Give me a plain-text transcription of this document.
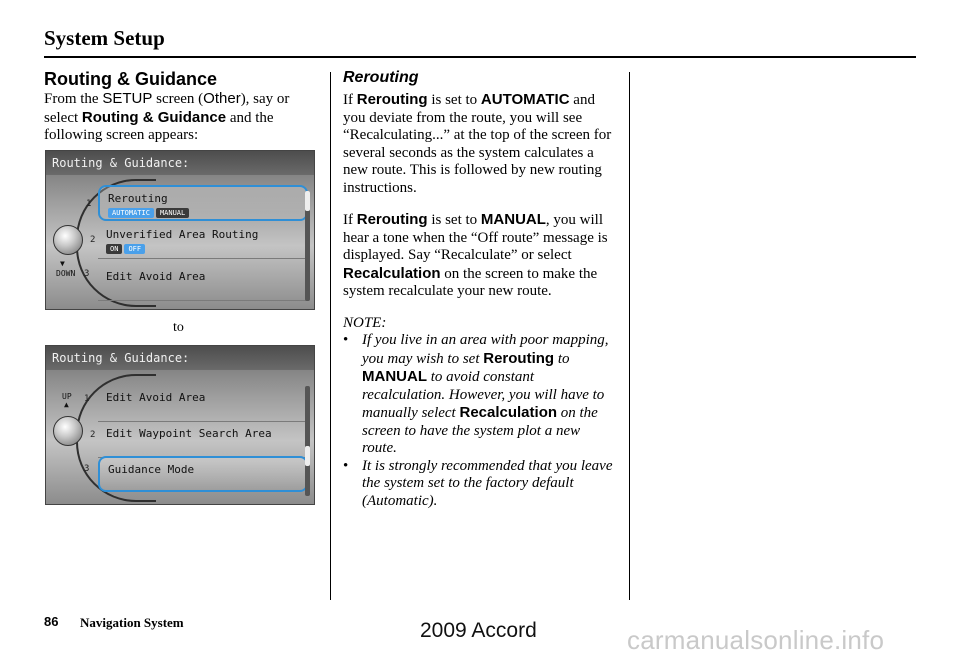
System Setup
Routing & Guidance
From the SETUP screen (Other), say or select Routing & Guidance and the following screen appears:
Routing & Guidance:
1
2
3
▼
DOWN
Rerouting
AUTOMATIC	MANUAL
Unverified Area Routing
ON	OFF
Edit Avoid Area
to
Routing & Guidance:
UP
▲
1
2
3
Edit Avoid Area
Edit Waypoint Search Area
Guidance Mode
Rerouting
If Rerouting is set to AUTOMATIC and you deviate from the route, you will see “Recalculating...” at the top of the screen for several seconds as the system calculates a new route. This is followed by new routing instructions.
If Rerouting is set to MANUAL, you will hear a tone when the “Off route” message is displayed. Say “Recalculate” or select Recalculation on the screen to make the system recalculate your new route.
NOTE:
• If you live in an area with poor mapping, you may wish to set Rerouting to MANUAL to avoid constant recalculation. However, you will have to manually select Recalculation on the screen to have the system plot a new route.
• It is strongly recommended that you leave the system set to the factory default (Automatic).
86 Navigation System	2009 Accord	carmanualsonline.info
